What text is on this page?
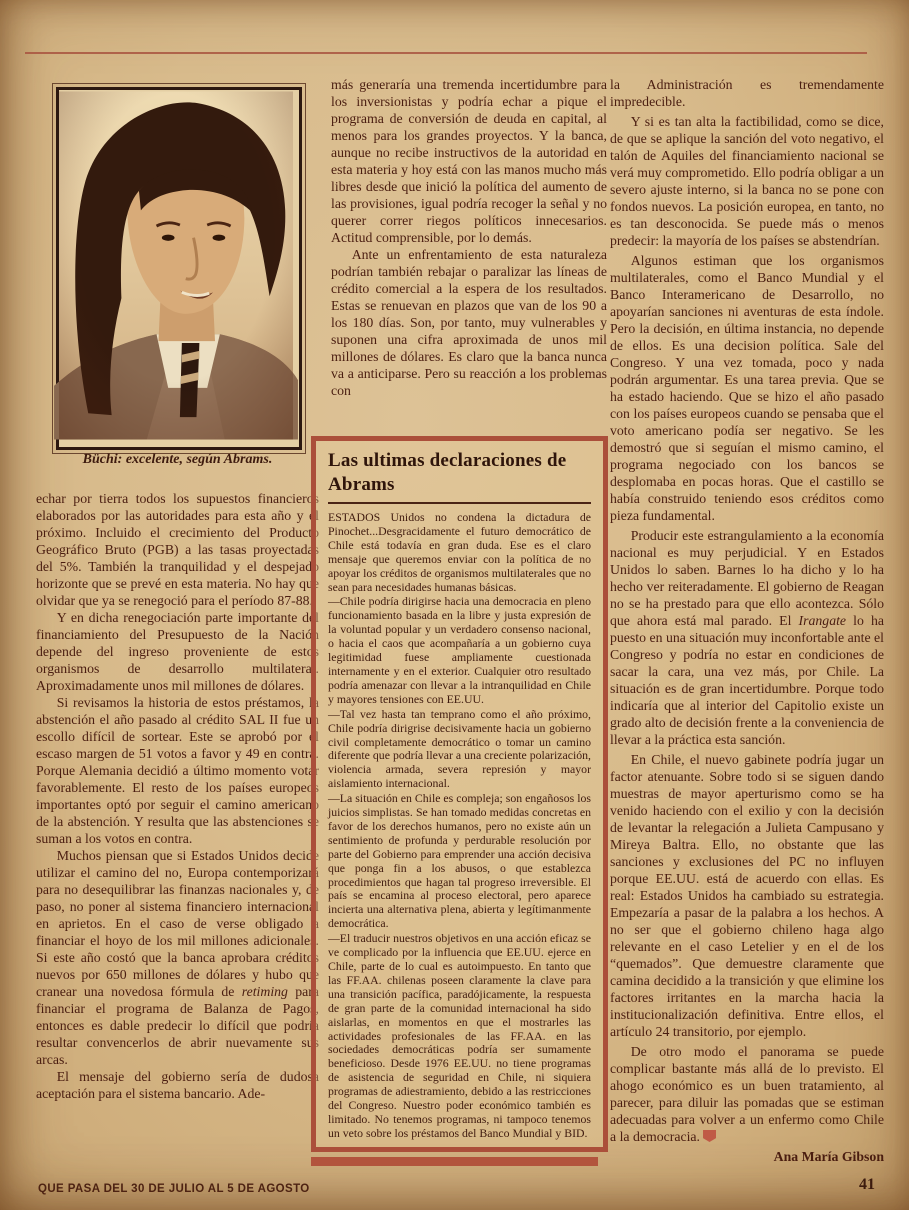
Büchi: excelente, según Abrams.

echar por tierra todos los supuestos financieros elaborados por las autoridades para esta año y el próximo. Incluido el crecimiento del Producto Geográfico Bruto (PGB) a las tasas proyectadas del 5%. También la tranquilidad y el despejado horizonte que se prevé en esta materia. No hay que olvidar que ya se renegoció para el período 87-88.

Y en dicha renegociación parte importante del financiamiento del Presupuesto de la Nación depende del ingreso proveniente de estos organismos de desarrollo multilateral. Aproximadamente unos mil millones de dólares.

Si revisamos la historia de estos préstamos, la abstención el año pasado al crédito SAL II fue un escollo difícil de sortear. Este se aprobó por el escaso margen de 51 votos a favor y 49 en contra. Porque Alemania decidió a último momento votar favorablemente. El resto de los países europeos importantes optó por seguir el camino americano de la abstención. Y resulta que las abstenciones se suman a los votos en contra.

Muchos piensan que si Estados Unidos decide utilizar el camino del no, Europa contemporizará para no desequilibrar las finanzas nacionales y, de paso, no poner al sistema financiero internacional en aprietos. En el caso de verse obligado a financiar el hoyo de los mil millones adicionales. Si este año costó que la banca aprobara créditos nuevos por 650 millones de dólares y hubo que cranear una novedosa fórmula de retiming para financiar el programa de Balanza de Pagos, entonces es dable predecir lo difícil que podría resultar convencerlos de abrir nuevamente sus arcas.

El mensaje del gobierno sería de dudosa aceptación para el sistema bancario. Ade-

más generaría una tremenda incertidumbre para los inversionistas y podría echar a pique el programa de conversión de deuda en capital, al menos para los grandes proyectos. Y la banca, aunque no recibe instructivos de la autoridad en esta materia y hoy está con las manos mucho más libres desde que inició la política del aumento de las provisiones, igual podría recoger la señal y no querer correr riegos políticos innecesarios. Actitud comprensible, por lo demás.

Ante un enfrentamiento de esta naturaleza podrían también rebajar o paralizar las líneas de crédito comercial a la espera de los resultados. Estas se renuevan en plazos que van de los 90 a los 180 días. Son, por tanto, muy vulnerables y suponen una cifra aproximada de unos mil millones de dólares. Es claro que la banca nunca va a anticiparse. Pero su reacción a los problemas con

Las ultimas declaraciones de Abrams

ESTADOS Unidos no condena la dictadura de Pinochet...Desgracidamente el futuro democrático de Chile está todavía en gran duda. Ese es el claro mensaje que queremos enviar con la política de no apoyar los créditos de organismos multilaterales que no sean para necesidades humanas básicas.

—Chile podría dirigirse hacia una democracia en pleno funcionamiento basada en la libre y justa expresión de la voluntad popular y un verdadero consenso nacional, o hacia el caos que acompañaría a un gobierno cuya legitimidad fuese ampliamente cuestionada internamente y en el exterior. Cualquier otro resultado podría amenazar con llevar a la intranquilidad en Chile y mayores tensiones con EE.UU.

—Tal vez hasta tan temprano como el año próximo, Chile podría dirigrise decisivamente hacia un gobierno civil completamente democrático o tomar un camino diferente que podría llevar a una creciente polarización, violencia armada, severa represión y mayor aislamiento internacional.

—La situación en Chile es compleja; son engañosos los juicios simplistas. Se han tomado medidas concretas en favor de los derechos humanos, pero no existe aún un sentimiento de profunda y perdurable resolución por parte del Gobierno para emprender una acción decisiva que ponga fin a los abusos, o que establezca procedimientos que hagan tal progreso irreversible. El país se encamina al proceso electoral, pero aparece incierta una alternativa plena, abierta y legítimanmente democrática.

—El traducir nuestros objetivos en una acción eficaz se ve complicado por la influencia que EE.UU. ejerce en Chile, parte de lo cual es autoimpuesto. En tanto que las FF.AA. chilenas poseen claramente la clave para una transición pacífica, paradójicamente, la respuesta de gran parte de la comunidad internacional ha sido aislarlas, en momentos en que el mostrarles las actividades profesionales de las FF.AA. en las sociedades democráticas podría ser sumamente beneficioso. Desde 1976 EE.UU. no tiene programas de asistencia de seguridad en Chile, ni siquiera programas de adiestramiento, debido a las restricciones del Congreso. Nuestro poder económico también es limitado. No tenemos programas, ni tampoco tenemos un veto sobre los préstamos del Banco Mundial y BID.

la Administración es tremendamente impredecible.

Y si es tan alta la factibilidad, como se dice, de que se aplique la sanción del voto negativo, el talón de Aquiles del financiamiento nacional se verá muy comprometido. Ello podría obligar a un severo ajuste interno, si la banca no se pone con fondos nuevos. La posición europea, en tanto, no es tan desconocida. Se puede más o menos predecir: la mayoría de los países se abstendrían.

Algunos estiman que los organismos multilaterales, como el Banco Mundial y el Banco Interamericano de Desarrollo, no apoyarían sanciones ni aventuras de esta índole. Pero la decisión, en última instancia, no depende de ellos. Es una decision política. Sale del Congreso. Y una vez tomada, poco y nada podrán argumentar. Es una tarea previa. Que se ha estado haciendo. Que se hizo el año pasado con los países europeos cuando se pensaba que el voto americano podía ser negativo. Se les demostró que si seguían el mismo camino, el programa negociado con los bancos se desplomaba en pocas horas. Que el castillo se había construido teniendo esos créditos como pieza fundamental.

Producir este estrangulamiento a la economía nacional es muy perjudicial. Y en Estados Unidos lo saben. Barnes lo ha dicho y lo ha hecho ver reiteradamente. El gobierno de Reagan no se ha prestado para que ello acontezca. Sólo que ahora está mal parado. El Irangate lo ha puesto en una situación muy inconfortable ante el Congreso y podría no estar en condiciones de sacar la cara, una vez más, por Chile. La situación es de gran incertidumbre. Porque todo indicaría que al interior del Capitolio existe un grado alto de decisión frente a la conveniencia de llevar a la práctica esta sanción.

En Chile, el nuevo gabinete podría jugar un factor atenuante. Sobre todo si se siguen dando muestras de mayor aperturismo como se ha venido haciendo con el exilio y con la decisión de levantar la relegación a Julieta Campusano y Mireya Baltra. Ello, no obstante que las sanciones y exclusiones del PC no influyen porque EE.UU. está de acuerdo con ellas. Es real: Estados Unidos ha cambiado su estrategia. Empezaría a pasar de la palabra a los hechos. A no ser que el gobierno chileno haga algo relevante en el caso Letelier y en el de los “quemados”. Que demuestre claramente que camina decidido a la transición y que elimine los factores irritantes en la marcha hacia la institucionalización definitiva. Entre ellos, el artículo 24 transitorio, por ejemplo.

De otro modo el panorama se puede complicar bastante más allá de lo previsto. El ahogo económico es un buen tratamiento, al parecer, para diluir las pomadas que se estiman adecuadas para volver a un enfermo como Chile a la democracia.

Ana María Gibson

QUE PASA DEL 30 DE JULIO AL 5 DE AGOSTO	41
